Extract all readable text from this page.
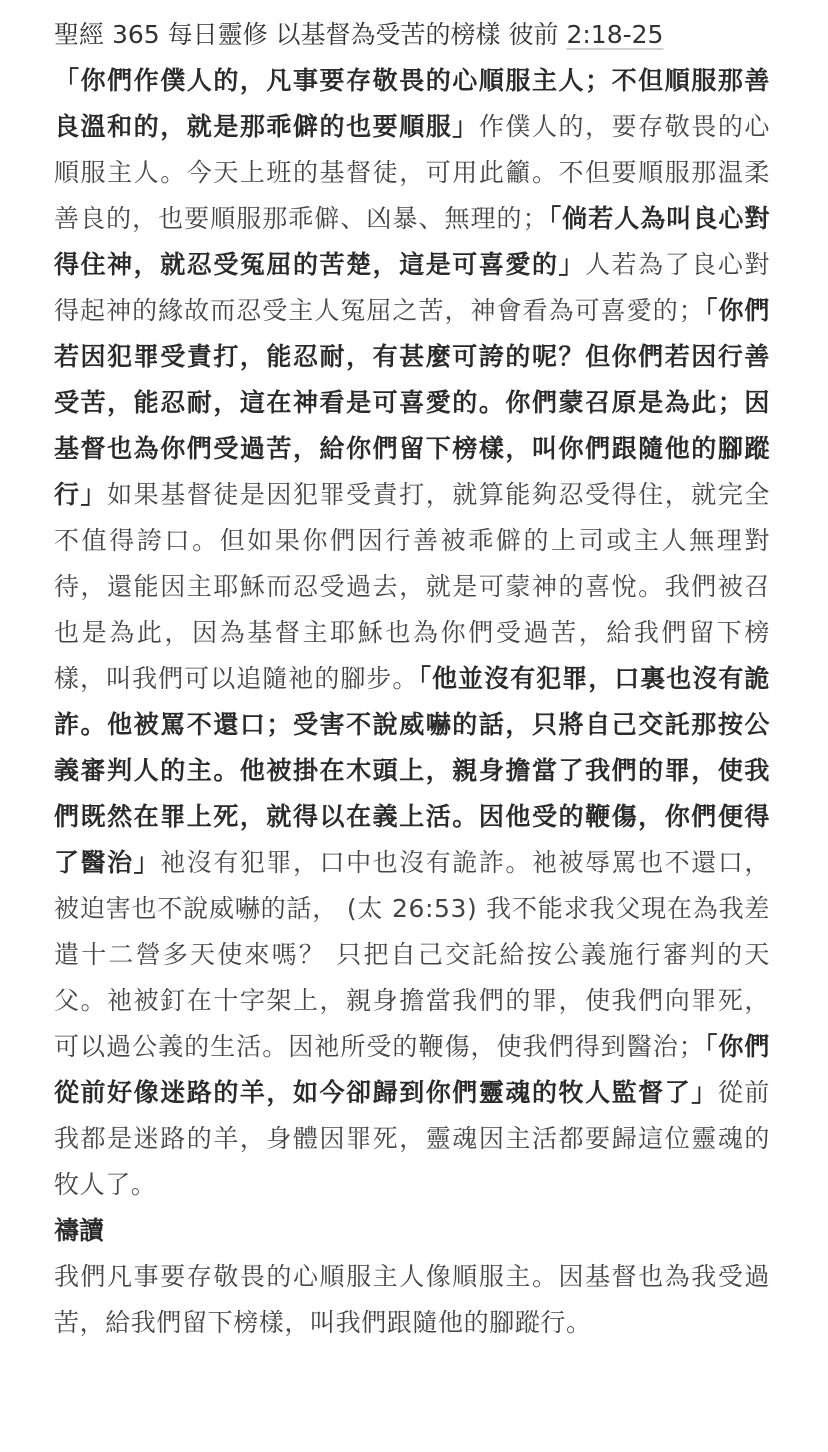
聖經 365 每日靈修 以基督為受苦的榜樣 彼前 2:18-25

「你們作僕人的，凡事要存敬畏的心順服主人；不但順服那善良溫和的，就是那乖僻的也要順服」作僕人的，要存敬畏的心順服主人。今天上班的基督徒，可用此籲。不但要順服那温柔善良的，也要順服那乖僻、凶暴、無理的；「倘若人為叫良心對得住神，就忍受冤屈的苦楚，這是可喜愛的」人若為了良心對得起神的緣故而忍受主人冤屈之苦，神會看為可喜愛的；「你們若因犯罪受責打，能忍耐，有甚麼可誇的呢？但你們若因行善受苦，能忍耐，這在神看是可喜愛的。你們蒙召原是為此；因基督也為你們受過苦，給你們留下榜樣，叫你們跟隨他的腳蹤行」如果基督徒是因犯罪受責打，就算能夠忍受得住，就完全不值得誇口。但如果你們因行善被乖僻的上司或主人無理對待，還能因主耶穌而忍受過去，就是可蒙神的喜悅。我們被召也是為此，因為基督主耶穌也為你們受過苦，給我們留下榜樣，叫我們可以追隨祂的腳步。「他並沒有犯罪，口裏也沒有詭詐。他被罵不還口；受害不說威嚇的話，只將自己交託那按公義審判人的主。他被掛在木頭上，親身擔當了我們的罪，使我們既然在罪上死，就得以在義上活。因他受的鞭傷，你們便得了醫治」祂沒有犯罪，口中也沒有詭詐。祂被辱罵也不還口，被迫害也不說威嚇的話， (太 26:53) 我不能求我父現在為我差遣十二營多天使來嗎？ 只把自己交託給按公義施行審判的天父。祂被釘在十字架上，親身擔當我們的罪，使我們向罪死，可以過公義的生活。因祂所受的鞭傷，使我們得到醫治；「你們從前好像迷路的羊，如今卻歸到你們靈魂的牧人監督了」從前我都是迷路的羊，身體因罪死，靈魂因主活都要歸這位靈魂的牧人了。

禱讀

我們凡事要存敬畏的心順服主人像順服主。因基督也為我受過苦，給我們留下榜樣，叫我們跟隨他的腳蹤行。
